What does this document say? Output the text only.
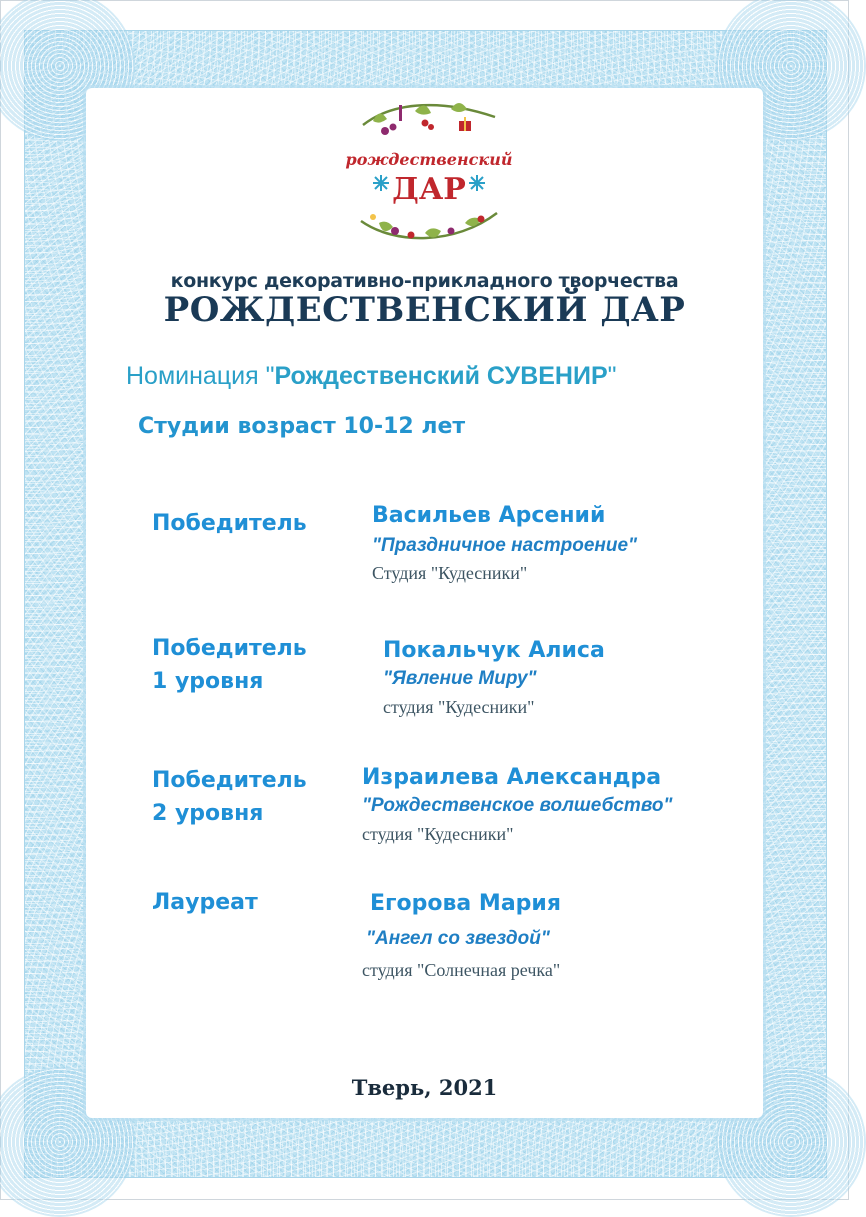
рождественский
ДАР
конкурс декоративно-прикладного творчества
РОЖДЕСТВЕНСКИЙ ДАР
Номинация "Рождественский СУВЕНИР"
Студии возраст 10-12 лет
Победитель	Васильев Арсений
"Праздничное настроение"
Студия "Кудесники"
Победитель
1 уровня
Покальчук Алиса
"Явление Миру"
студия "Кудесники"
Победитель
2 уровня
Израилева Александра
"Рождественское волшебство"
студия "Кудесники"
Лауреат	Егорова Мария
"Ангел со звездой"
студия "Солнечная речка"
Тверь, 2021
